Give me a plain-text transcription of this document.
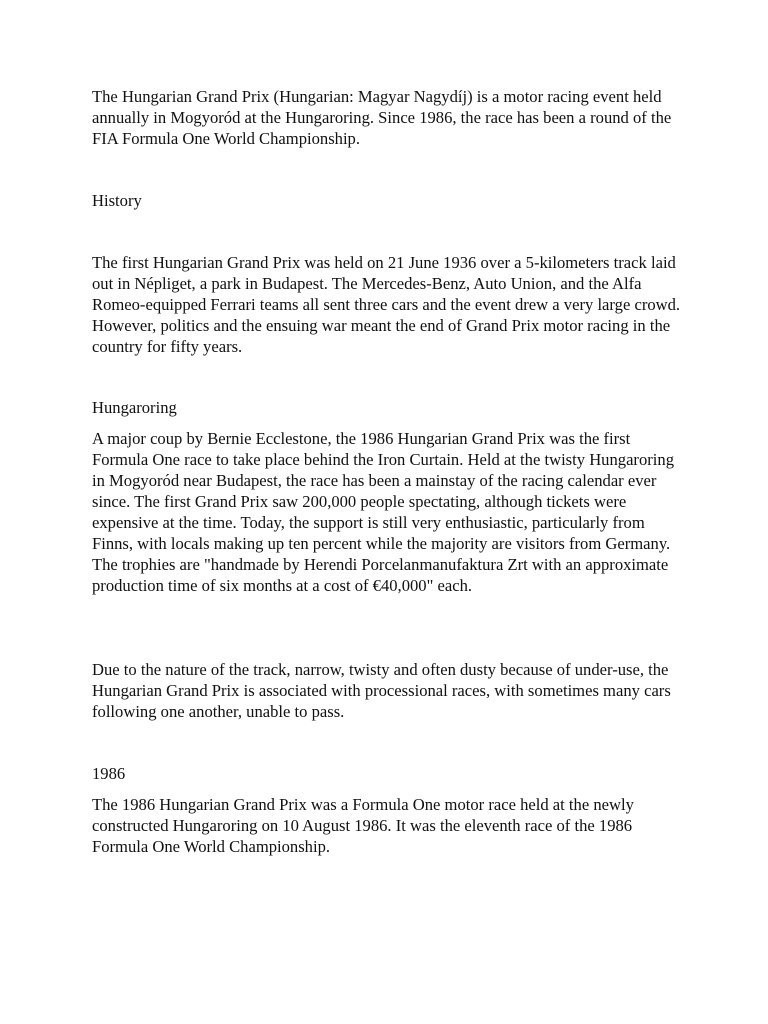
The Hungarian Grand Prix (Hungarian: Magyar Nagydíj) is a motor racing event held annually in Mogyoród at the Hungaroring. Since 1986, the race has been a round of the FIA Formula One World Championship.

History

The first Hungarian Grand Prix was held on 21 June 1936 over a 5-kilometers track laid out in Népliget, a park in Budapest. The Mercedes-Benz, Auto Union, and the Alfa Romeo-equipped Ferrari teams all sent three cars and the event drew a very large crowd. However, politics and the ensuing war meant the end of Grand Prix motor racing in the country for fifty years.

Hungaroring

A major coup by Bernie Ecclestone, the 1986 Hungarian Grand Prix was the first Formula One race to take place behind the Iron Curtain. Held at the twisty Hungaroring in Mogyoród near Budapest, the race has been a mainstay of the racing calendar ever since. The first Grand Prix saw 200,000 people spectating, although tickets were expensive at the time. Today, the support is still very enthusiastic, particularly from Finns, with locals making up ten percent while the majority are visitors from Germany. The trophies are "handmade by Herendi Porcelanmanufaktura Zrt with an approximate production time of six months at a cost of €40,000" each.

Due to the nature of the track, narrow, twisty and often dusty because of under-use, the Hungarian Grand Prix is associated with processional races, with sometimes many cars following one another, unable to pass.

1986

The 1986 Hungarian Grand Prix was a Formula One motor race held at the newly constructed Hungaroring on 10 August 1986. It was the eleventh race of the 1986 Formula One World Championship.
